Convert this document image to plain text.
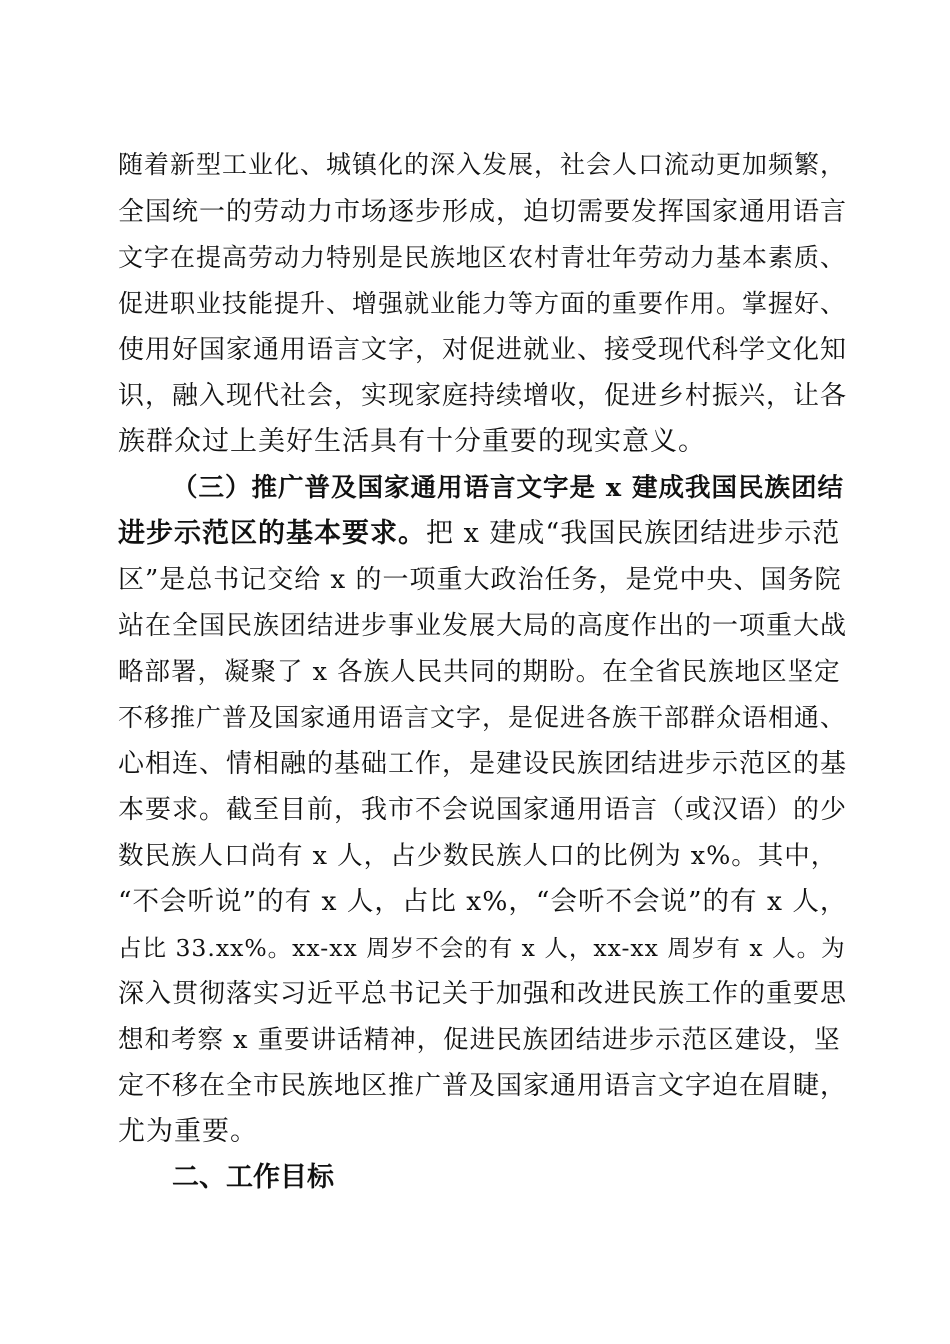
随着新型工业化、城镇化的深入发展，社会人口流动更加频繁，
全国统一的劳动力市场逐步形成，迫切需要发挥国家通用语言
文字在提高劳动力特别是民族地区农村青壮年劳动力基本素质、
促进职业技能提升、增强就业能力等方面的重要作用。掌握好、
使用好国家通用语言文字，对促进就业、接受现代科学文化知
识，融入现代社会，实现家庭持续增收，促进乡村振兴，让各
族群众过上美好生活具有十分重要的现实意义。
（三）推广普及国家通用语言文字是 x 建成我国民族团结
进步示范区的基本要求。把 x 建成“我国民族团结进步示范
区”是总书记交给 x 的一项重大政治任务，是党中央、国务院
站在全国民族团结进步事业发展大局的高度作出的一项重大战
略部署，凝聚了 x 各族人民共同的期盼。在全省民族地区坚定
不移推广普及国家通用语言文字，是促进各族干部群众语相通、
心相连、情相融的基础工作，是建设民族团结进步示范区的基
本要求。截至目前，我市不会说国家通用语言（或汉语）的少
数民族人口尚有 x 人，占少数民族人口的比例为 x%。其中，
“不会听说”的有 x 人，占比 x%，“会听不会说”的有 x 人，
占比 33.xx%。xx-xx 周岁不会的有 x 人，xx-xx 周岁有 x 人。为
深入贯彻落实习近平总书记关于加强和改进民族工作的重要思
想和考察 x 重要讲话精神，促进民族团结进步示范区建设，坚
定不移在全市民族地区推广普及国家通用语言文字迫在眉睫，
尤为重要。
二、工作目标
